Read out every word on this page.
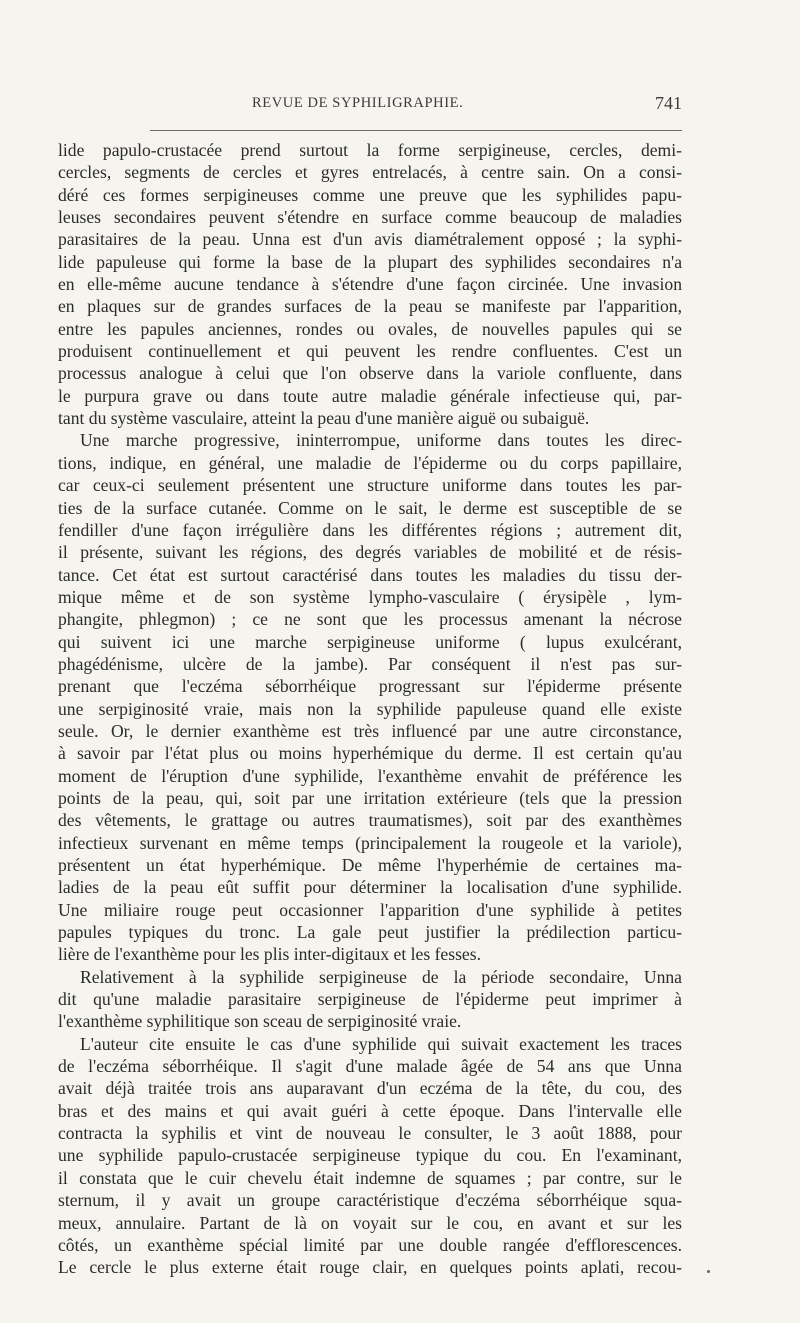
REVUE DE SYPHILIGRAPHIE.	741
lide papulo-crustacée prend surtout la forme serpigineuse, cercles, demi-
cercles, segments de cercles et gyres entrelacés, à centre sain. On a consi-
déré ces formes serpigineuses comme une preuve que les syphilides papu-
leuses secondaires peuvent s'étendre en surface comme beaucoup de maladies
parasitaires de la peau. Unna est d'un avis diamétralement opposé ; la syphi-
lide papuleuse qui forme la base de la plupart des syphilides secondaires n'a
en elle-même aucune tendance à s'étendre d'une façon circinée. Une invasion
en plaques sur de grandes surfaces de la peau se manifeste par l'apparition,
entre les papules anciennes, rondes ou ovales, de nouvelles papules qui se
produisent continuellement et qui peuvent les rendre confluentes. C'est un
processus analogue à celui que l'on observe dans la variole confluente, dans
le purpura grave ou dans toute autre maladie générale infectieuse qui, par-
tant du système vasculaire, atteint la peau d'une manière aiguë ou subaiguë.
Une marche progressive, ininterrompue, uniforme dans toutes les direc-
tions, indique, en général, une maladie de l'épiderme ou du corps papillaire,
car ceux-ci seulement présentent une structure uniforme dans toutes les par-
ties de la surface cutanée. Comme on le sait, le derme est susceptible de se
fendiller d'une façon irrégulière dans les différentes régions ; autrement dit,
il présente, suivant les régions, des degrés variables de mobilité et de résis-
tance. Cet état est surtout caractérisé dans toutes les maladies du tissu der-
mique même et de son système lympho-vasculaire ( érysipèle , lym-
phangite, phlegmon) ; ce ne sont que les processus amenant la nécrose
qui suivent ici une marche serpigineuse uniforme ( lupus exulcérant,
phagédénisme, ulcère de la jambe). Par conséquent il n'est pas sur-
prenant que l'eczéma séborrhéique progressant sur l'épiderme présente
une serpiginosité vraie, mais non la syphilide papuleuse quand elle existe
seule. Or, le dernier exanthème est très influencé par une autre circonstance,
à savoir par l'état plus ou moins hyperhémique du derme. Il est certain qu'au
moment de l'éruption d'une syphilide, l'exanthème envahit de préférence les
points de la peau, qui, soit par une irritation extérieure (tels que la pression
des vêtements, le grattage ou autres traumatismes), soit par des exanthèmes
infectieux survenant en même temps (principalement la rougeole et la variole),
présentent un état hyperhémique. De même l'hyperhémie de certaines ma-
ladies de la peau eût suffit pour déterminer la localisation d'une syphilide.
Une miliaire rouge peut occasionner l'apparition d'une syphilide à petites
papules typiques du tronc. La gale peut justifier la prédilection particu-
lière de l'exanthème pour les plis inter-digitaux et les fesses.
Relativement à la syphilide serpigineuse de la période secondaire, Unna
dit qu'une maladie parasitaire serpigineuse de l'épiderme peut imprimer à
l'exanthème syphilitique son sceau de serpiginosité vraie.
L'auteur cite ensuite le cas d'une syphilide qui suivait exactement les traces
de l'eczéma séborrhéique. Il s'agit d'une malade âgée de 54 ans que Unna
avait déjà traitée trois ans auparavant d'un eczéma de la tête, du cou, des
bras et des mains et qui avait guéri à cette époque. Dans l'intervalle elle
contracta la syphilis et vint de nouveau le consulter, le 3 août 1888, pour
une syphilide papulo-crustacée serpigineuse typique du cou. En l'examinant,
il constata que le cuir chevelu était indemne de squames ; par contre, sur le
sternum, il y avait un groupe caractéristique d'eczéma séborrhéique squa-
meux, annulaire. Partant de là on voyait sur le cou, en avant et sur les
côtés, un exanthème spécial limité par une double rangée d'efflorescences.
Le cercle le plus externe était rouge clair, en quelques points aplati, recou-
